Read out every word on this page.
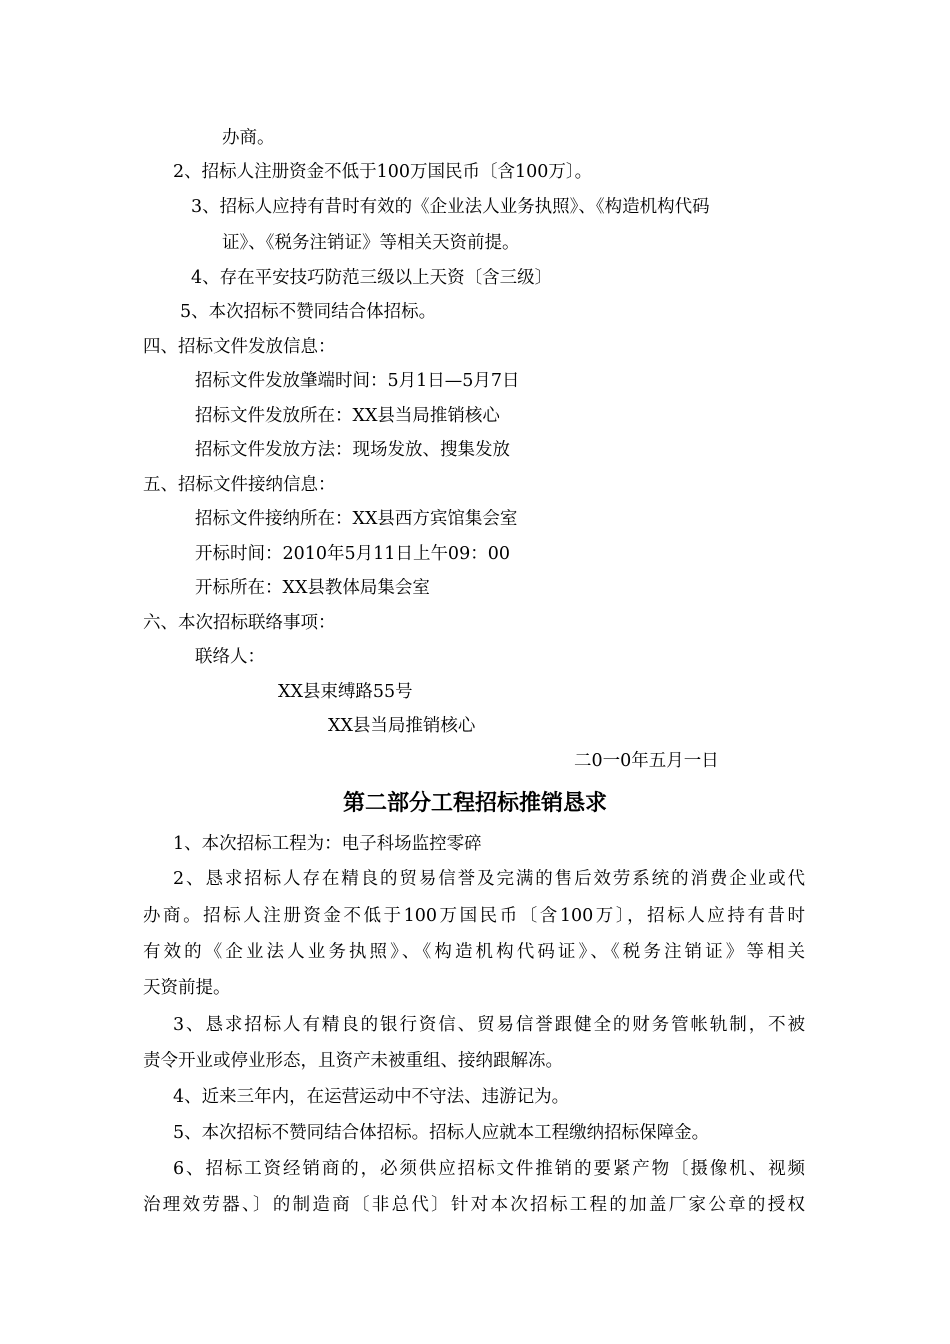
办商。
2、招标人注册资金不低于100万国民币〔含100万〕。
3、招标人应持有昔时有效的《企业法人业务执照》、《构造机构代码
证》、《税务注销证》等相关天资前提。
4、存在平安技巧防范三级以上天资〔含三级〕
5、本次招标不赞同结合体招标。
四、招标文件发放信息：
招标文件发放肇端时间：5月1日—5月7日
招标文件发放所在：XX县当局推销核心
招标文件发放方法：现场发放、搜集发放
五、招标文件接纳信息：
招标文件接纳所在：XX县西方宾馆集会室
开标时间：2010年5月11日上午09：00
开标所在：XX县教体局集会室
六、本次招标联络事项：
联络人：
XX县束缚路55号
XX县当局推销核心
二0一0年五月一日
第二部分工程招标推销恳求
1、本次招标工程为：电子科场监控零碎
2、恳求招标人存在精良的贸易信誉及完满的售后效劳系统的消费企业或代
办商。招标人注册资金不低于100万国民币〔含100万〕，招标人应持有昔时
有效的《企业法人业务执照》、《构造机构代码证》、《税务注销证》等相关
天资前提。
3、恳求招标人有精良的银行资信、贸易信誉跟健全的财务管帐轨制，不被
责令开业或停业形态，且资产未被重组、接纳跟解冻。
4、近来三年内，在运营运动中不守法、违游记为。
5、本次招标不赞同结合体招标。招标人应就本工程缴纳招标保障金。
6、招标工资经销商的，必须供应招标文件推销的要紧产物〔摄像机、视频
治理效劳器、〕的制造商〔非总代〕针对本次招标工程的加盖厂家公章的授权
